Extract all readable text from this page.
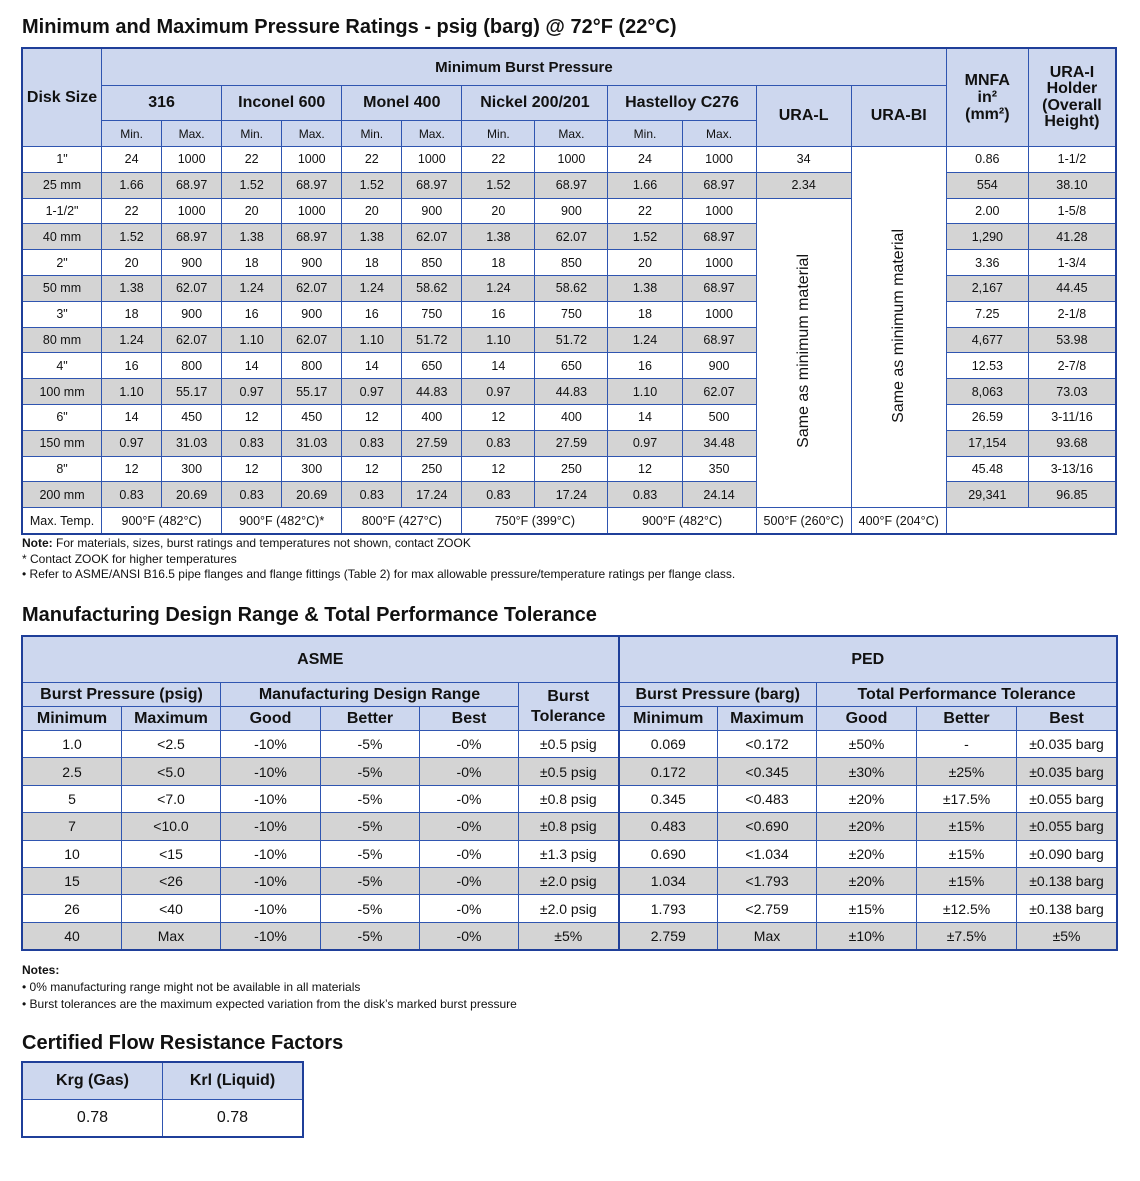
Minimum and Maximum Pressure Ratings - psig (barg) @ 72°F (22°C)
Disk Size	Minimum Burst Pressure	
MNFA
in²
(mm²)

URA-I
Holder
(Overall
Height)

	316		Inconel 600		Monel 400		Nickel 200/201		Hastelloy C276		URA-L	URA-BI		
	Min.	Max.	Min.	Max.	Min.	Max.	Min.	Max.	Min.	Max.				
1"	24	1000	22	1000	22	1000	22	1000	24	1000	34	Same as minimum material	0.86	1-1/2
25 mm	1.66	68.97	1.52	68.97	1.52	68.97	1.52	68.97	1.66	68.97	2.34		554	38.10
1-1/2"	22	1000	20	1000	20	900	20	900	22	1000	Same as minimum material		2.00	1-5/8
40 mm	1.52	68.97	1.38	68.97	1.38	62.07	1.38	62.07	1.52	68.97			1,290	41.28
2"	20	900	18	900	18	850	18	850	20	1000			3.36	1-3/4
50 mm	1.38	62.07	1.24	62.07	1.24	58.62	1.24	58.62	1.38	68.97			2,167	44.45
3"	18	900	16	900	16	750	16	750	18	1000			7.25	2-1/8
80 mm	1.24	62.07	1.10	62.07	1.10	51.72	1.10	51.72	1.24	68.97			4,677	53.98
4"	16	800	14	800	14	650	14	650	16	900			12.53	2-7/8
100 mm	1.10	55.17	0.97	55.17	0.97	44.83	0.97	44.83	1.10	62.07			8,063	73.03
6"	14	450	12	450	12	400	12	400	14	500			26.59	3-11/16
150 mm	0.97	31.03	0.83	31.03	0.83	27.59	0.83	27.59	0.97	34.48			17,154	93.68
8"	12	300	12	300	12	250	12	250	12	350			45.48	3-13/16
200 mm	0.83	20.69	0.83	20.69	0.83	17.24	0.83	17.24	0.83	24.14			29,341	96.85
Max. Temp.	900°F (482°C)		900°F (482°C)*		800°F (427°C)		750°F (399°C)		900°F (482°C)		500°F (260°C)	400°F (204°C)		
Note: For materials, sizes, burst ratings and temperatures not shown, contact ZOOK
* Contact ZOOK for higher temperatures
• Refer to ASME/ANSI B16.5 pipe flanges and flange fittings (Table 2) for max allowable pressure/temperature ratings per flange class.
Manufacturing Design Range & Total Performance Tolerance
ASME						PED				
Burst Pressure (psig)		Manufacturing Design Range			Burst
Tolerance	Burst Pressure (barg)		Total Performance Tolerance		
Minimum	Maximum	Good	Better	Best		Minimum	Maximum	Good	Better	Best
1.0	<2.5	-10%	-5%	-0%	±0.5 psig	0.069	<0.172	±50%	-	±0.035 barg
2.5	<5.0	-10%	-5%	-0%	±0.5 psig	0.172	<0.345	±30%	±25%	±0.035 barg
5	<7.0	-10%	-5%	-0%	±0.8 psig	0.345	<0.483	±20%	±17.5%	±0.055 barg
7	<10.0	-10%	-5%	-0%	±0.8 psig	0.483	<0.690	±20%	±15%	±0.055 barg
10	<15	-10%	-5%	-0%	±1.3 psig	0.690	<1.034	±20%	±15%	±0.090 barg
15	<26	-10%	-5%	-0%	±2.0 psig	1.034	<1.793	±20%	±15%	±0.138 barg
26	<40	-10%	-5%	-0%	±2.0 psig	1.793	<2.759	±15%	±12.5%	±0.138 barg
40	Max	-10%	-5%	-0%	±5%	2.759	Max	±10%	±7.5%	±5%
Notes:
• 0% manufacturing range might not be available in all materials
• Burst tolerances are the maximum expected variation from the disk’s marked burst pressure
Certified Flow Resistance Factors
Krg (Gas)	Krl (Liquid)
0.78	0.78
